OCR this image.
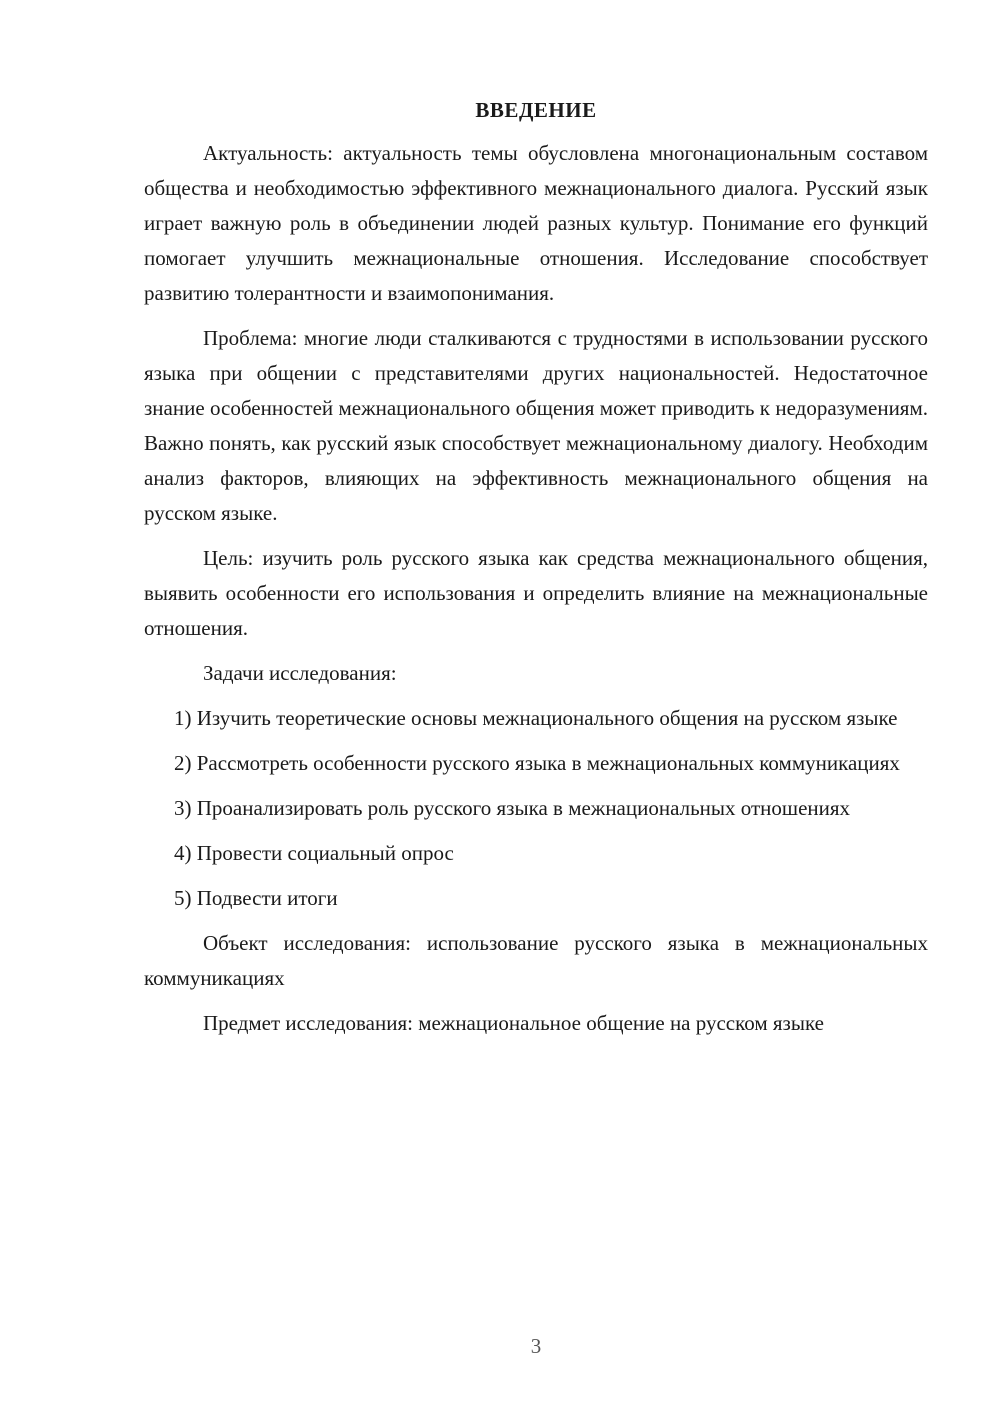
ВВЕДЕНИЕ

Актуальность: актуальность темы обусловлена многонациональным составом общества и необходимостью эффективного межнационального диалога. Русский язык играет важную роль в объединении людей разных культур. Понимание его функций помогает улучшить межнациональные отношения. Исследование способствует развитию толерантности и взаимопонимания.

Проблема: многие люди сталкиваются с трудностями в использовании русского языка при общении с представителями других национальностей. Недостаточное знание особенностей межнационального общения может приводить к недоразумениям. Важно понять, как русский язык способствует межнациональному диалогу. Необходим анализ факторов, влияющих на эффективность межнационального общения на русском языке.

Цель: изучить роль русского языка как средства межнационального общения, выявить особенности его использования и определить влияние на межнациональные отношения.

Задачи исследования:

1) Изучить теоретические основы межнационального общения на русском языке

2) Рассмотреть особенности русского языка в межнациональных коммуникациях

3) Проанализировать роль русского языка в межнациональных отношениях

4) Провести социальный опрос

5) Подвести итоги

Объект исследования: использование русского языка в межнациональных коммуникациях

Предмет исследования: межнациональное общение на русском языке

3
